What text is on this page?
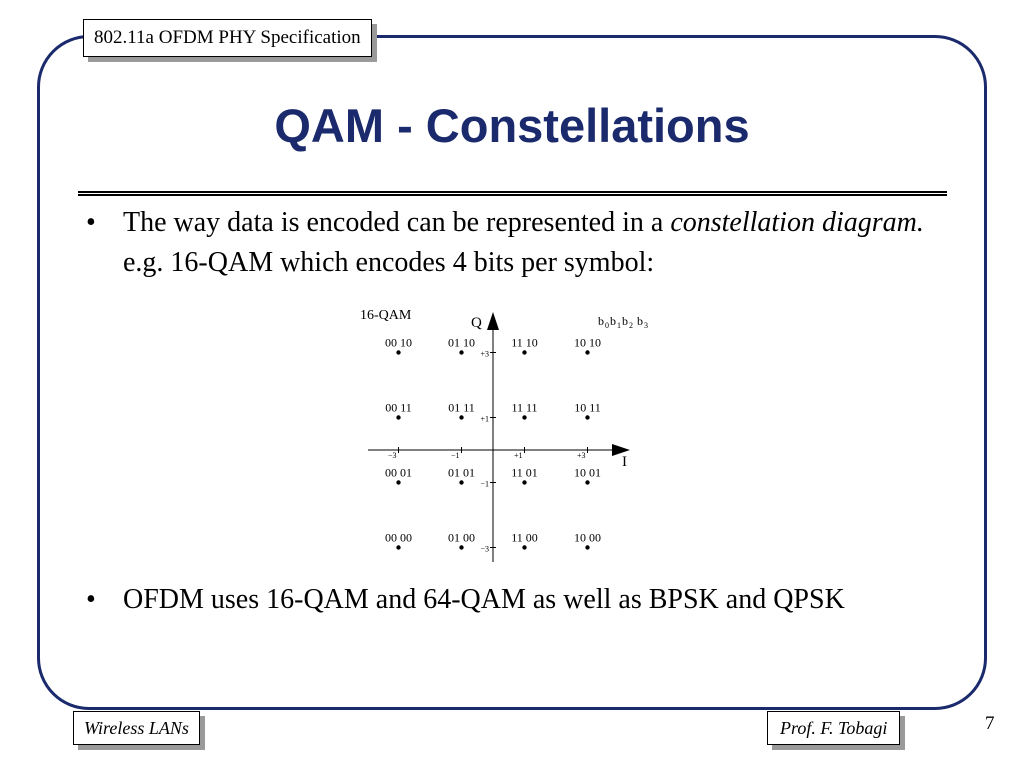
802.11a OFDM PHY Specification
QAM - Constellations
• The way data is encoded can be represented in a constellation diagram. e.g. 16-QAM which encodes 4 bits per symbol:
16-QAM	Q
I
b 0 b 1 b 2 b 3
−3	−1	+1	+3
+3
+1
−1
−3
00 10	01 10	11 10	10 10
00 11	01 11	11 11	10 11
00 01	01 01	11 01	10 01
00 00	01 00	11 00	10 00
• OFDM uses 16-QAM and 64-QAM as well as BPSK and QPSK
Wireless LANs	Prof. F. Tobagi	7
